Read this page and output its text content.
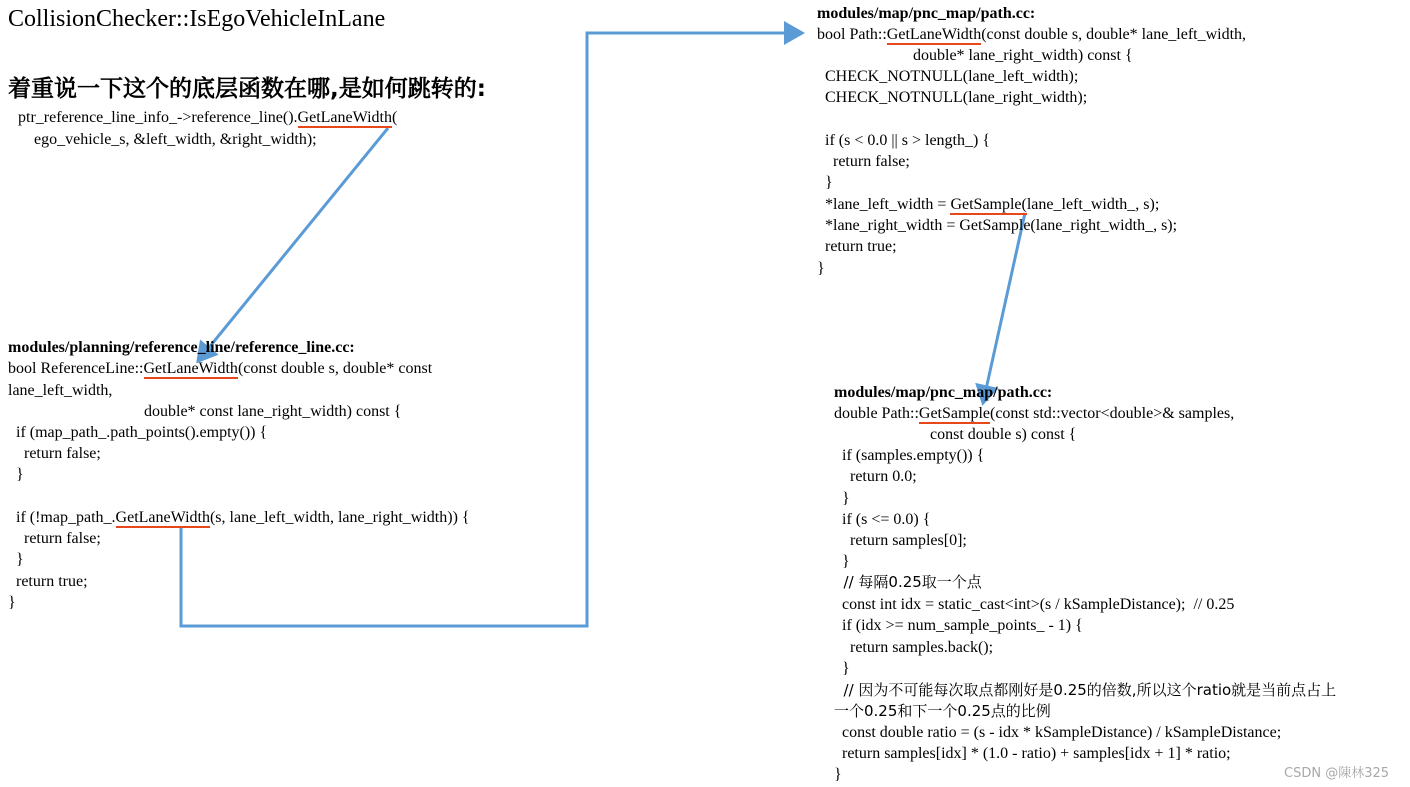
CollisionChecker::IsEgoVehicleInLane
着重说一下这个的底层函数在哪,是如何跳转的:
ptr_reference_line_info_->reference_line().GetLaneWidth(
ego_vehicle_s, &left_width, &right_width);
modules/planning/reference_line/reference_line.cc:
bool ReferenceLine::GetLaneWidth(const double s, double* const
lane_left_width,
double* const lane_right_width) const {
if (map_path_.path_points().empty()) {
return false;
}
if (!map_path_.GetLaneWidth(s, lane_left_width, lane_right_width)) {
return false;
}
return true;
}
modules/map/pnc_map/path.cc:
bool Path::GetLaneWidth(const double s, double* lane_left_width,
double* lane_right_width) const {
CHECK_NOTNULL(lane_left_width);
CHECK_NOTNULL(lane_right_width);
if (s < 0.0 || s > length_) {
return false;
}
*lane_left_width = GetSample(lane_left_width_, s);
*lane_right_width = GetSample(lane_right_width_, s);
return true;
}
modules/map/pnc_map/path.cc:
double Path::GetSample(const std::vector<double>& samples,
const double s) const {
if (samples.empty()) {
return 0.0;
}
if (s <= 0.0) {
return samples[0];
}
// 每隔0.25取一个点
const int idx = static_cast<int>(s / kSampleDistance);  // 0.25
if (idx >= num_sample_points_ - 1) {
return samples.back();
}
// 因为不可能每次取点都刚好是0.25的倍数,所以这个ratio就是当前点占上
一个0.25和下一个0.25点的比例
const double ratio = (s - idx * kSampleDistance) / kSampleDistance;
return samples[idx] * (1.0 - ratio) + samples[idx + 1] * ratio;
}	CSDN @陳林325
